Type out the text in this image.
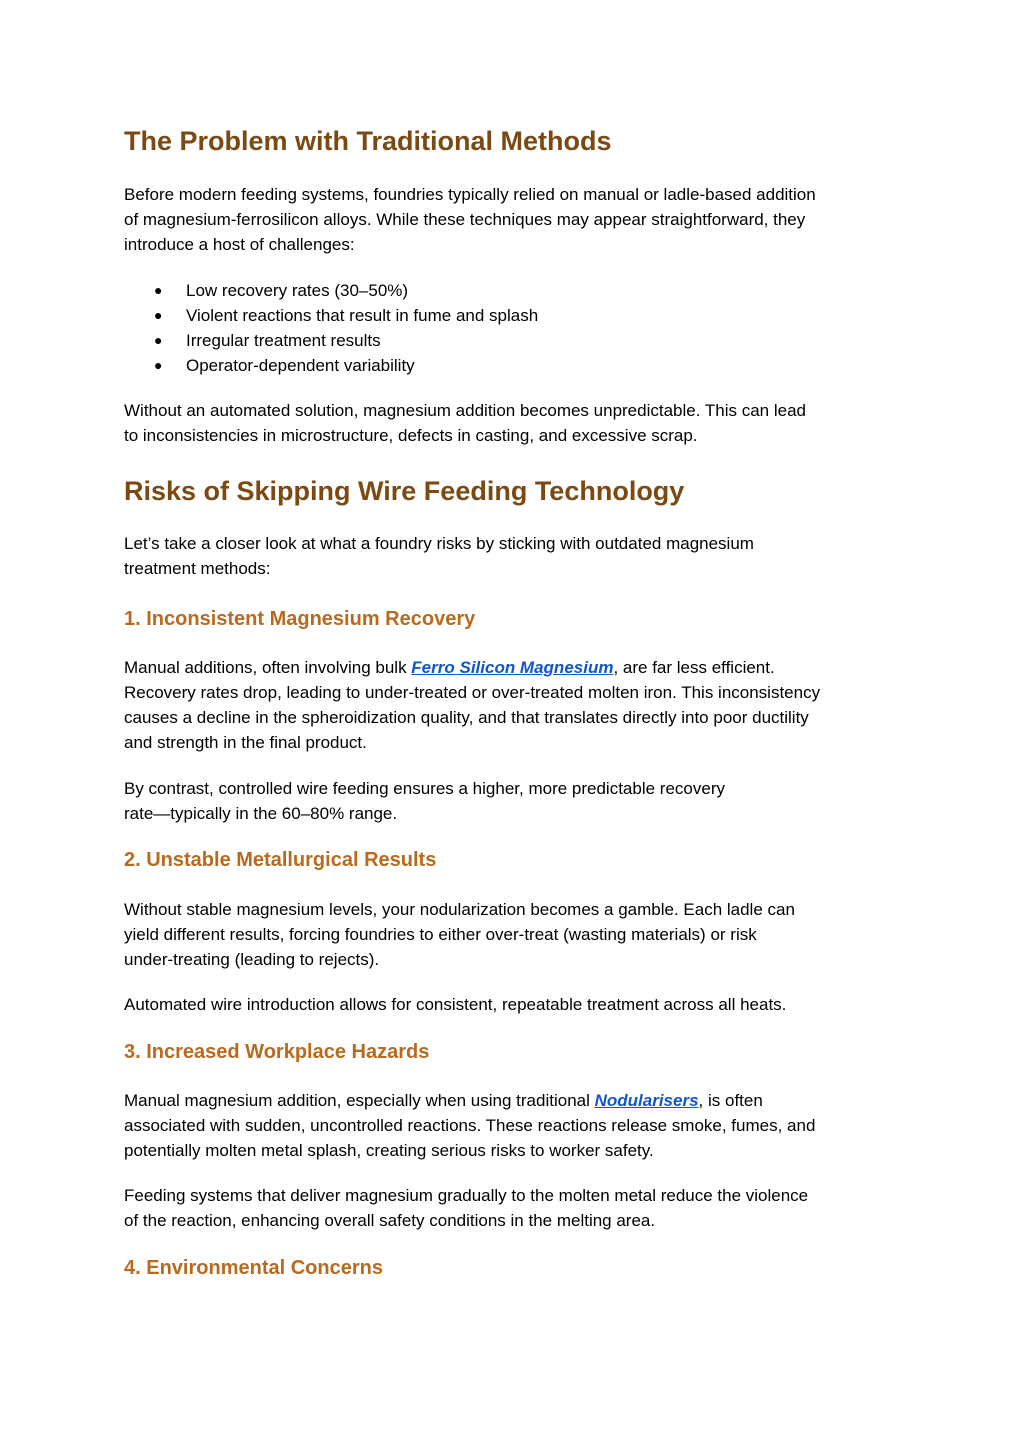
The Problem with Traditional Methods

Before modern feeding systems, foundries typically relied on manual or ladle-based addition
of magnesium-ferrosilicon alloys. While these techniques may appear straightforward, they
introduce a host of challenges:

● Low recovery rates (30–50%)
● Violent reactions that result in fume and splash
● Irregular treatment results
● Operator-dependent variability

Without an automated solution, magnesium addition becomes unpredictable. This can lead
to inconsistencies in microstructure, defects in casting, and excessive scrap.

Risks of Skipping Wire Feeding Technology

Let’s take a closer look at what a foundry risks by sticking with outdated magnesium
treatment methods:

1. Inconsistent Magnesium Recovery

Manual additions, often involving bulk Ferro Silicon Magnesium, are far less efficient.
Recovery rates drop, leading to under-treated or over-treated molten iron. This inconsistency
causes a decline in the spheroidization quality, and that translates directly into poor ductility
and strength in the final product.

By contrast, controlled wire feeding ensures a higher, more predictable recovery
rate—typically in the 60–80% range.

2. Unstable Metallurgical Results

Without stable magnesium levels, your nodularization becomes a gamble. Each ladle can
yield different results, forcing foundries to either over-treat (wasting materials) or risk
under-treating (leading to rejects).

Automated wire introduction allows for consistent, repeatable treatment across all heats.

3. Increased Workplace Hazards

Manual magnesium addition, especially when using traditional Nodularisers, is often
associated with sudden, uncontrolled reactions. These reactions release smoke, fumes, and
potentially molten metal splash, creating serious risks to worker safety.

Feeding systems that deliver magnesium gradually to the molten metal reduce the violence
of the reaction, enhancing overall safety conditions in the melting area.

4. Environmental Concerns
